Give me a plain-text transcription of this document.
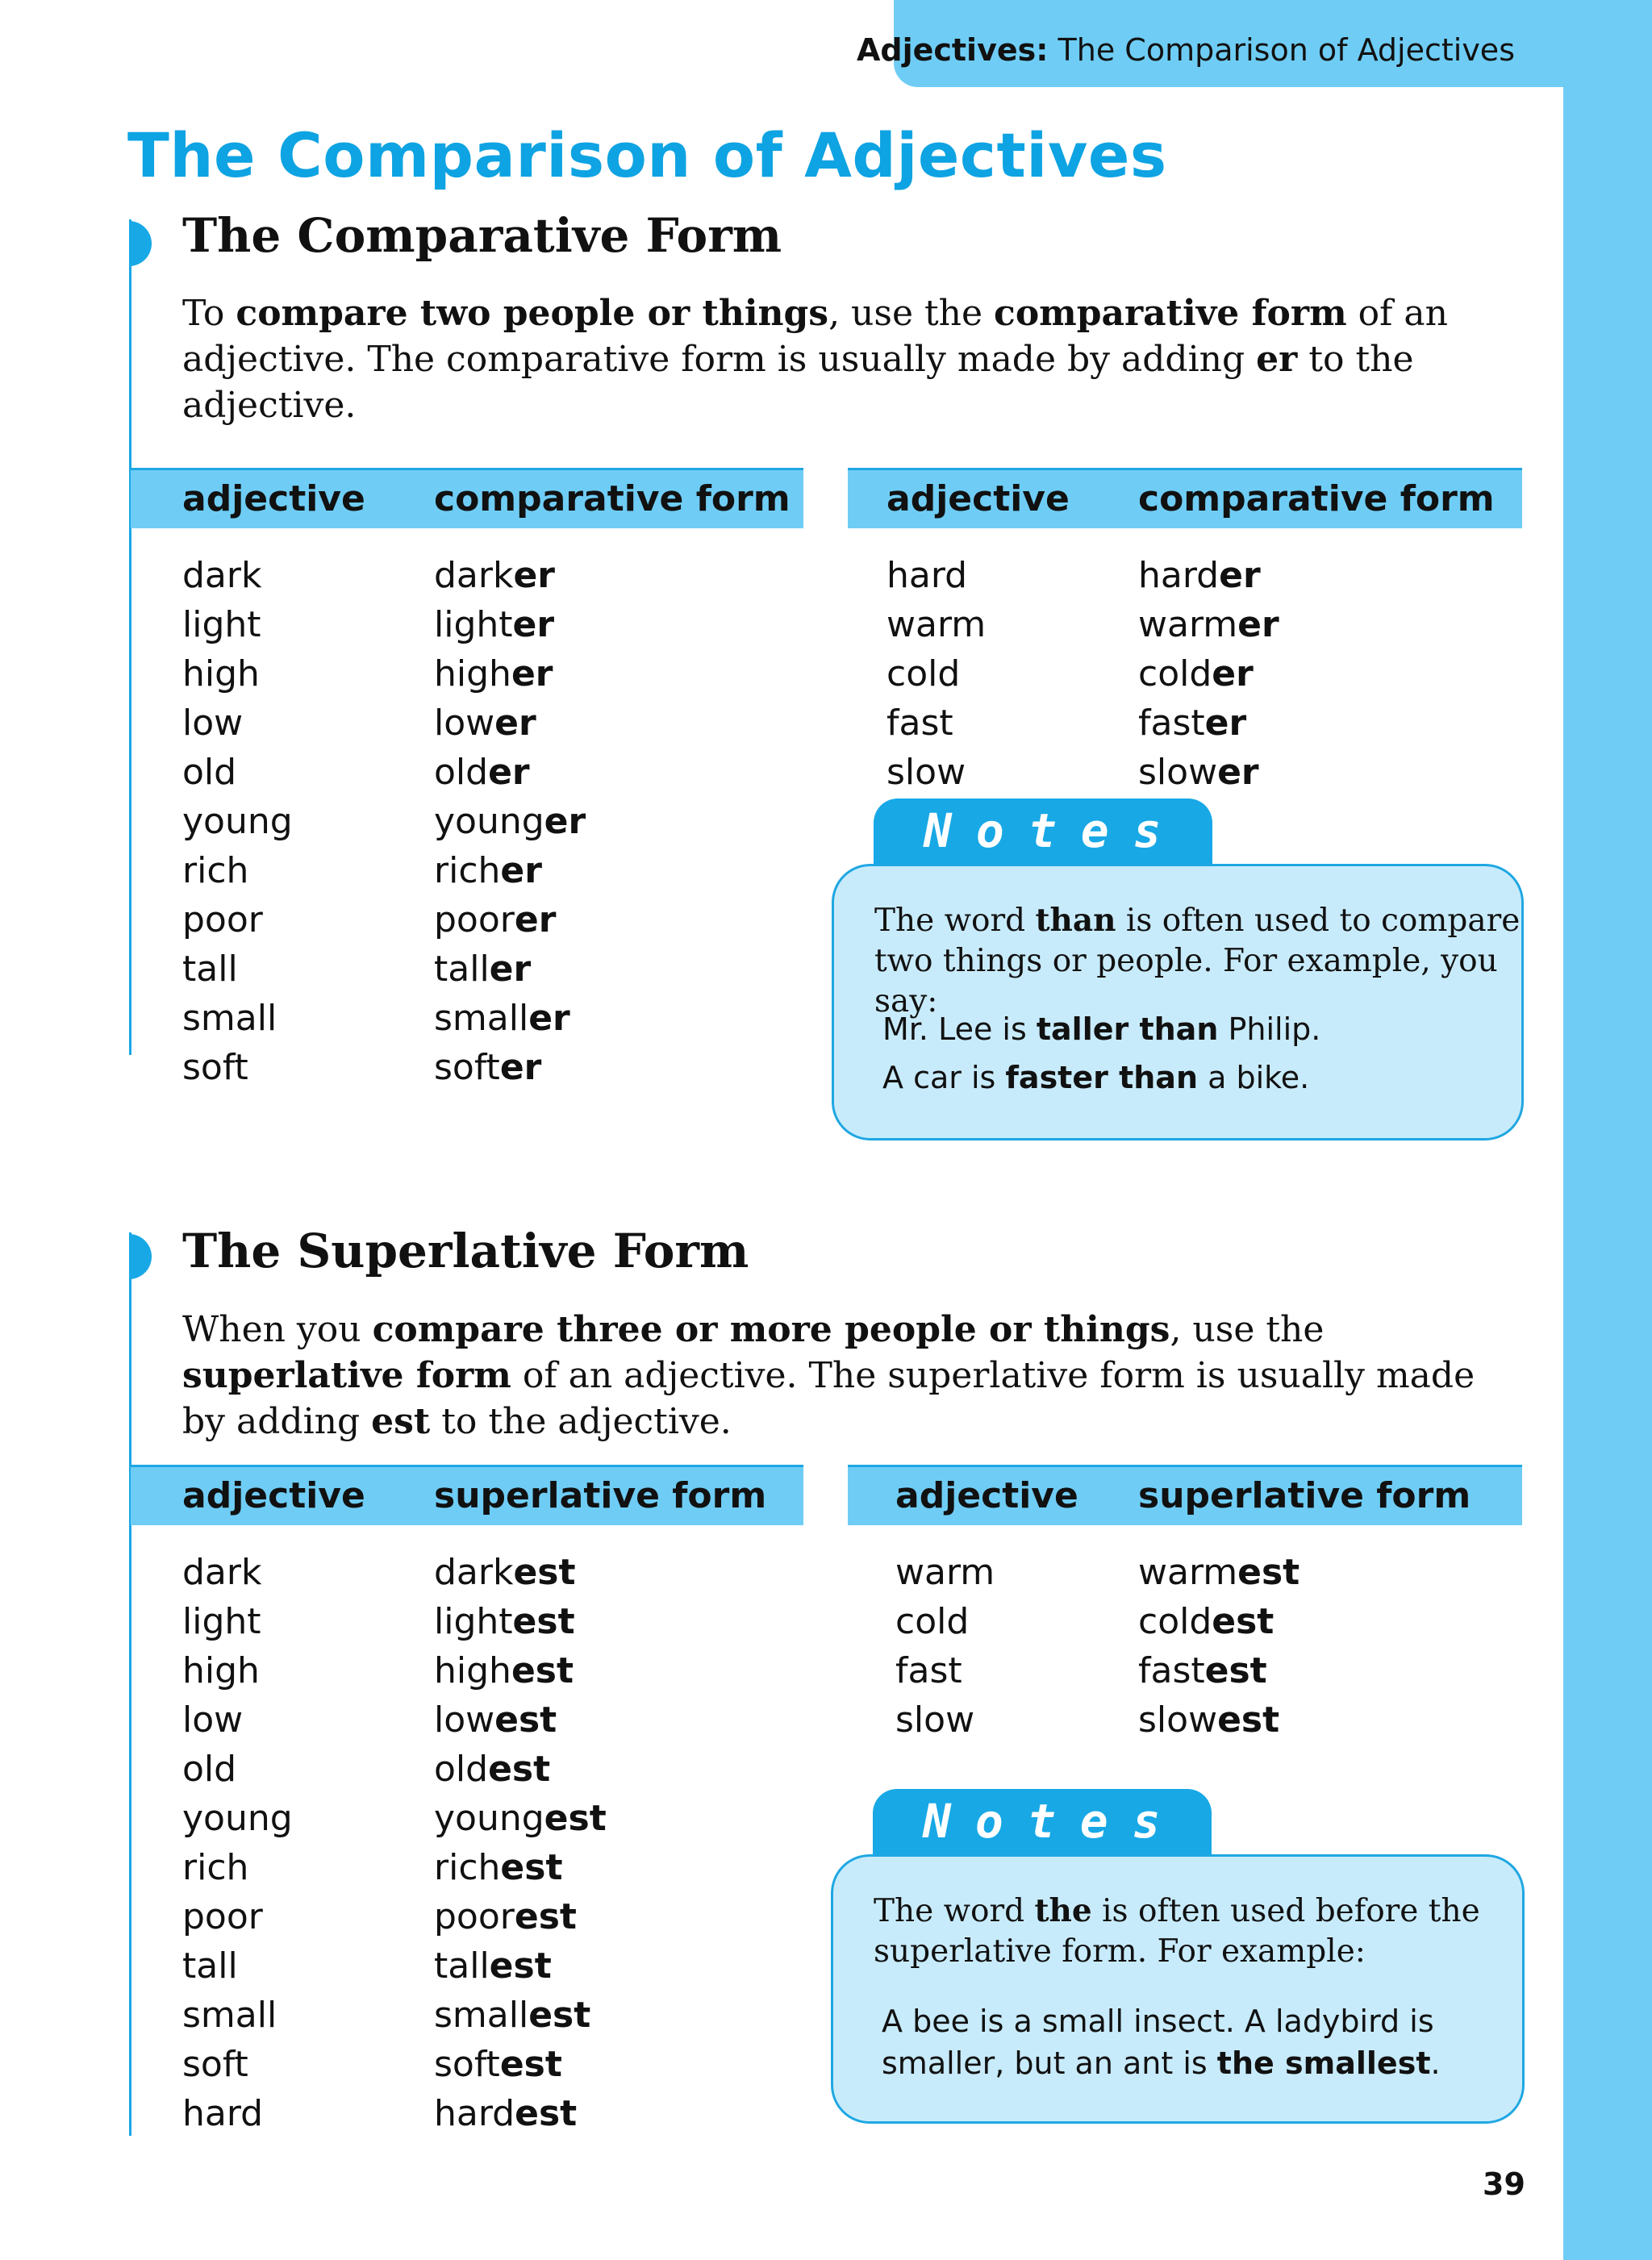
Adjectives: The Comparison of Adjectives
The Comparison of Adjectives
The Comparative Form
To compare two people or things, use the comparative form of an adjective. The comparative form is usually made by adding er to the adjective.
adjective comparative form
dark
light
high
low
old
young
rich
poor
tall
small
soft
darker
lighter
higher
lower
older
younger
richer
poorer
taller
smaller
softer
adjective comparative form
hard
warm
cold
fast
slow
harder
warmer
colder
faster
slower
Notes
The word than is often used to compare two things or people. For example, you say:
Mr. Lee is taller than Philip.
A car is faster than a bike.
The Superlative Form
When you compare three or more people or things, use the superlative form of an adjective. The superlative form is usually made by adding est to the adjective.
adjective superlative form
dark
light
high
low
old
young
rich
poor
tall
small
soft
hard
darkest
lightest
highest
lowest
oldest
youngest
richest
poorest
tallest
smallest
softest
hardest
adjective superlative form
warm
cold
fast
slow
warmest
coldest
fastest
slowest
Notes
The word the is often used before the superlative form. For example:
A bee is a small insect. A ladybird is smaller, but an ant is the smallest.
39
